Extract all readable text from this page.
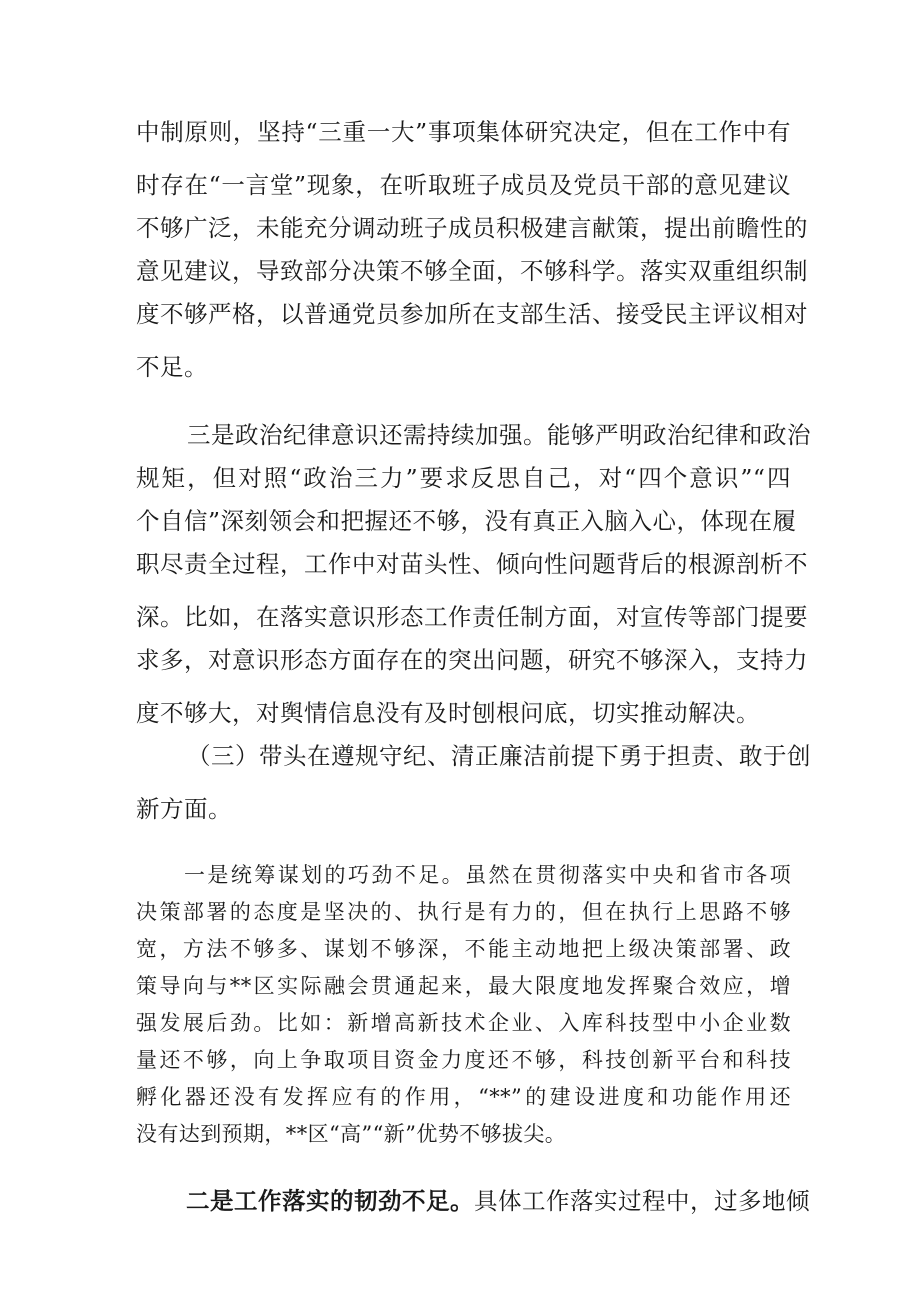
中制原则，坚持“三重一大”事项集体研究决定，但在工作中有
时存在“一言堂”现象，在听取班子成员及党员干部的意见建议
不够广泛，未能充分调动班子成员积极建言献策，提出前瞻性的
意见建议，导致部分决策不够全面，不够科学。落实双重组织制
度不够严格，以普通党员参加所在支部生活、接受民主评议相对
不足。
三是政治纪律意识还需持续加强。能够严明政治纪律和政治
规矩，但对照“政治三力”要求反思自己，对“四个意识”“四
个自信”深刻领会和把握还不够，没有真正入脑入心，体现在履
职尽责全过程，工作中对苗头性、倾向性问题背后的根源剖析不
深。比如，在落实意识形态工作责任制方面，对宣传等部门提要
求多，对意识形态方面存在的突出问题，研究不够深入，支持力
度不够大，对舆情信息没有及时刨根问底，切实推动解决。
（三）带头在遵规守纪、清正廉洁前提下勇于担责、敢于创
新方面。
一是统筹谋划的巧劲不足。虽然在贯彻落实中央和省市各项
决策部署的态度是坚决的、执行是有力的，但在执行上思路不够
宽，方法不够多、谋划不够深，不能主动地把上级决策部署、政
策导向与**区实际融会贯通起来，最大限度地发挥聚合效应，增
强发展后劲。比如：新增高新技术企业、入库科技型中小企业数
量还不够，向上争取项目资金力度还不够，科技创新平台和科技
孵化器还没有发挥应有的作用，“**”的建设进度和功能作用还
没有达到预期，**区“高”“新”优势不够拔尖。
二是工作落实的韧劲不足。具体工作落实过程中，过多地倾
